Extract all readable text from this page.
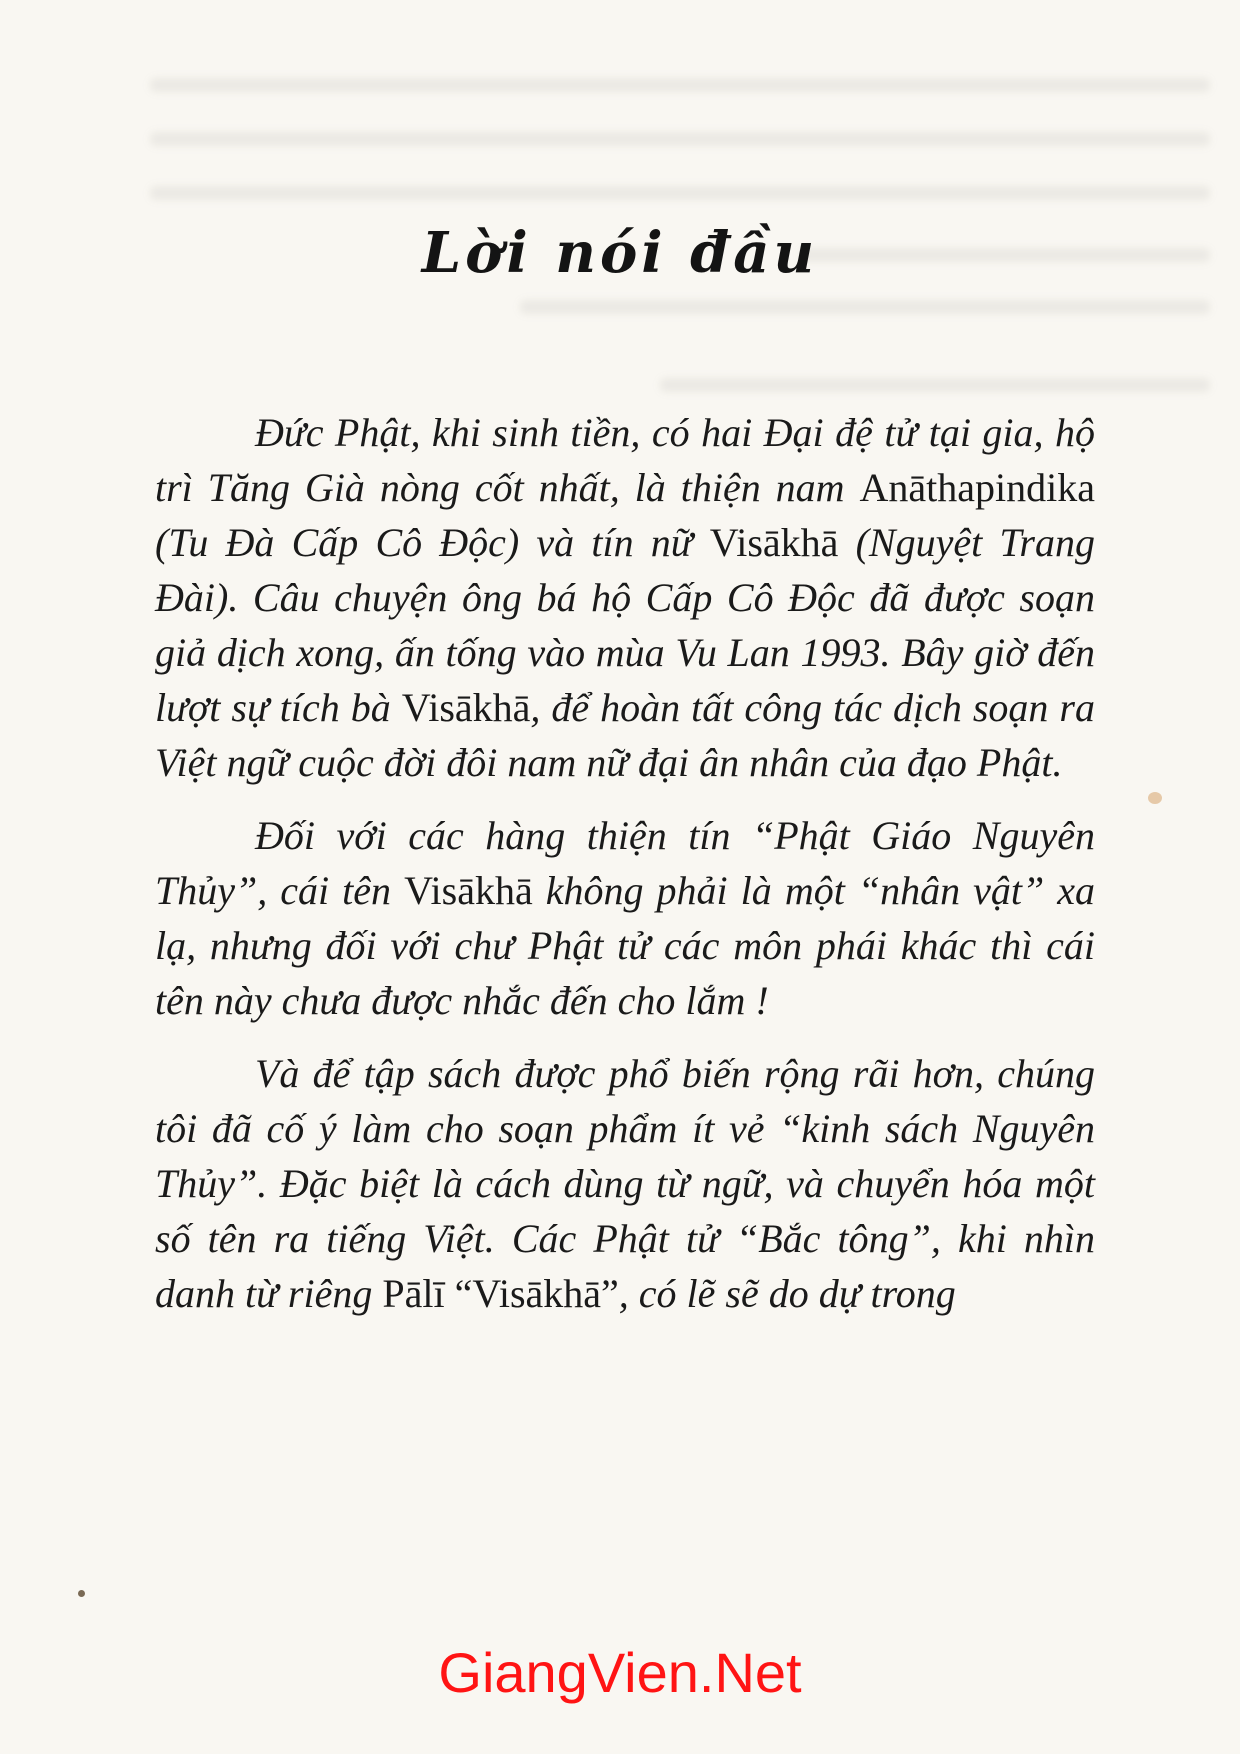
Lời nói đầu

Đức Phật, khi sinh tiền, có hai Đại đệ tử tại gia, hộ trì Tăng Già nòng cốt nhất, là thiện nam Anāthapindika (Tu Đà Cấp Cô Độc) và tín nữ Visākhā (Nguyệt Trang Đài). Câu chuyện ông bá hộ Cấp Cô Độc đã được soạn giả dịch xong, ấn tống vào mùa Vu Lan 1993. Bây giờ đến lượt sự tích bà Visākhā, để hoàn tất công tác dịch soạn ra Việt ngữ cuộc đời đôi nam nữ đại ân nhân của đạo Phật.

Đối với các hàng thiện tín “Phật Giáo Nguyên Thủy”, cái tên Visākhā không phải là một “nhân vật” xa lạ, nhưng đối với chư Phật tử các môn phái khác thì cái tên này chưa được nhắc đến cho lắm !

Và để tập sách được phổ biến rộng rãi hơn, chúng tôi đã cố ý làm cho soạn phẩm ít vẻ “kinh sách Nguyên Thủy”. Đặc biệt là cách dùng từ ngữ, và chuyển hóa một số tên ra tiếng Việt. Các Phật tử “Bắc tông”, khi nhìn danh từ riêng Pālī “Visākhā”, có lẽ sẽ do dự trong

GiangVien.Net
